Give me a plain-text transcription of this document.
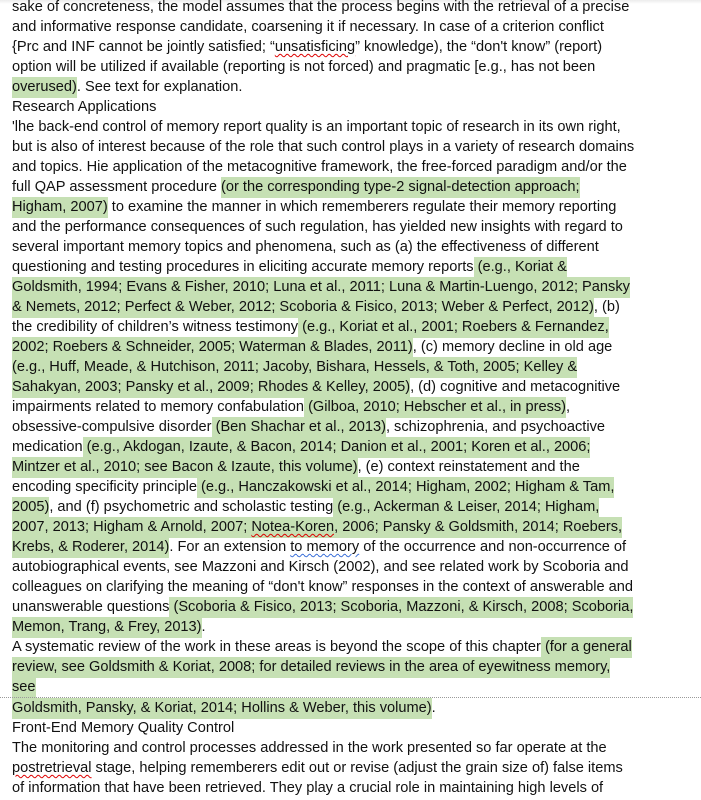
sake of concreteness, the model assumes that the process begins with the retrieval of a precise
and informative response candidate, coarsening it if necessary. In case of a criterion conflict
{Prc and INF cannot be jointly satisfied; “unsatisficing” knowledge), the “don't know” (report)
option will be utilized if available (reporting is not forced) and pragmatic [e.g., has not been
overused). See text for explanation.
Research Applications
'lhe back-end control of memory report quality is an important topic of research in its own right,
but is also of interest because of the role that such control plays in a variety of research domains
and topics. Hie application of the metacognitive framework, the free-forced paradigm and/or the
full QAP assessment procedure (or the corresponding type-2 signal-detection approach;
Higham, 2007) to examine the manner in which rememberers regulate their memory reporting
and the performance consequences of such regulation, has yielded new insights with regard to
several important memory topics and phenomena, such as (a) the effectiveness of different
questioning and testing procedures in eliciting accurate memory reports (e.g., Koriat &
Goldsmith, 1994; Evans & Fisher, 2010; Luna et al., 2011; Luna & Martin-Luengo, 2012; Pansky
& Nemets, 2012; Perfect & Weber, 2012; Scoboria & Fisico, 2013; Weber & Perfect, 2012), (b)
the credibility of children’s witness testimony (e.g., Koriat et al., 2001; Roebers & Fernandez,
2002; Roebers & Schneider, 2005; Waterman & Blades, 2011), (c) memory decline in old age
(e.g., Huff, Meade, & Hutchison, 2011; Jacoby, Bishara, Hessels, & Toth, 2005; Kelley &
Sahakyan, 2003; Pansky et al., 2009; Rhodes & Kelley, 2005), (d) cognitive and metacognitive
impairments related to memory confabulation (Gilboa, 2010; Hebscher et al., in press),
obsessive-compulsive disorder (Ben Shachar et al., 2013), schizophrenia, and psychoactive
medication (e.g., Akdogan, Izaute, & Bacon, 2014; Danion et al., 2001; Koren et al., 2006;
Mintzer et al., 2010; see Bacon & Izaute, this volume), (e) context reinstatement and the
encoding specificity principle (e.g., Hanczakowski et al., 2014; Higham, 2002; Higham & Tam,
2005), and (f) psychometric and scholastic testing (e.g., Ackerman & Leiser, 2014; Higham,
2007, 2013; Higham & Arnold, 2007; Notea-Koren, 2006; Pansky & Goldsmith, 2014; Roebers,
Krebs, & Roderer, 2014). For an extension to memory of the occurrence and non-occurrence of
autobiographical events, see Mazzoni and Kirsch (2002), and see related work by Scoboria and
colleagues on clarifying the meaning of “don't know” responses in the context of answerable and
unanswerable questions (Scoboria & Fisico, 2013; Scoboria, Mazzoni, & Kirsch, 2008; Scoboria,
Memon, Trang, & Frey, 2013).
A systematic review of the work in these areas is beyond the scope of this chapter (for a general
review, see Goldsmith & Koriat, 2008; for detailed reviews in the area of eyewitness memory,
see
Goldsmith, Pansky, & Koriat, 2014; Hollins & Weber, this volume).
Front-End Memory Quality Control
The monitoring and control processes addressed in the work presented so far operate at the
postretrieval stage, helping rememberers edit out or revise (adjust the grain size of) false items
of information that have been retrieved. They play a crucial role in maintaining high levels of
